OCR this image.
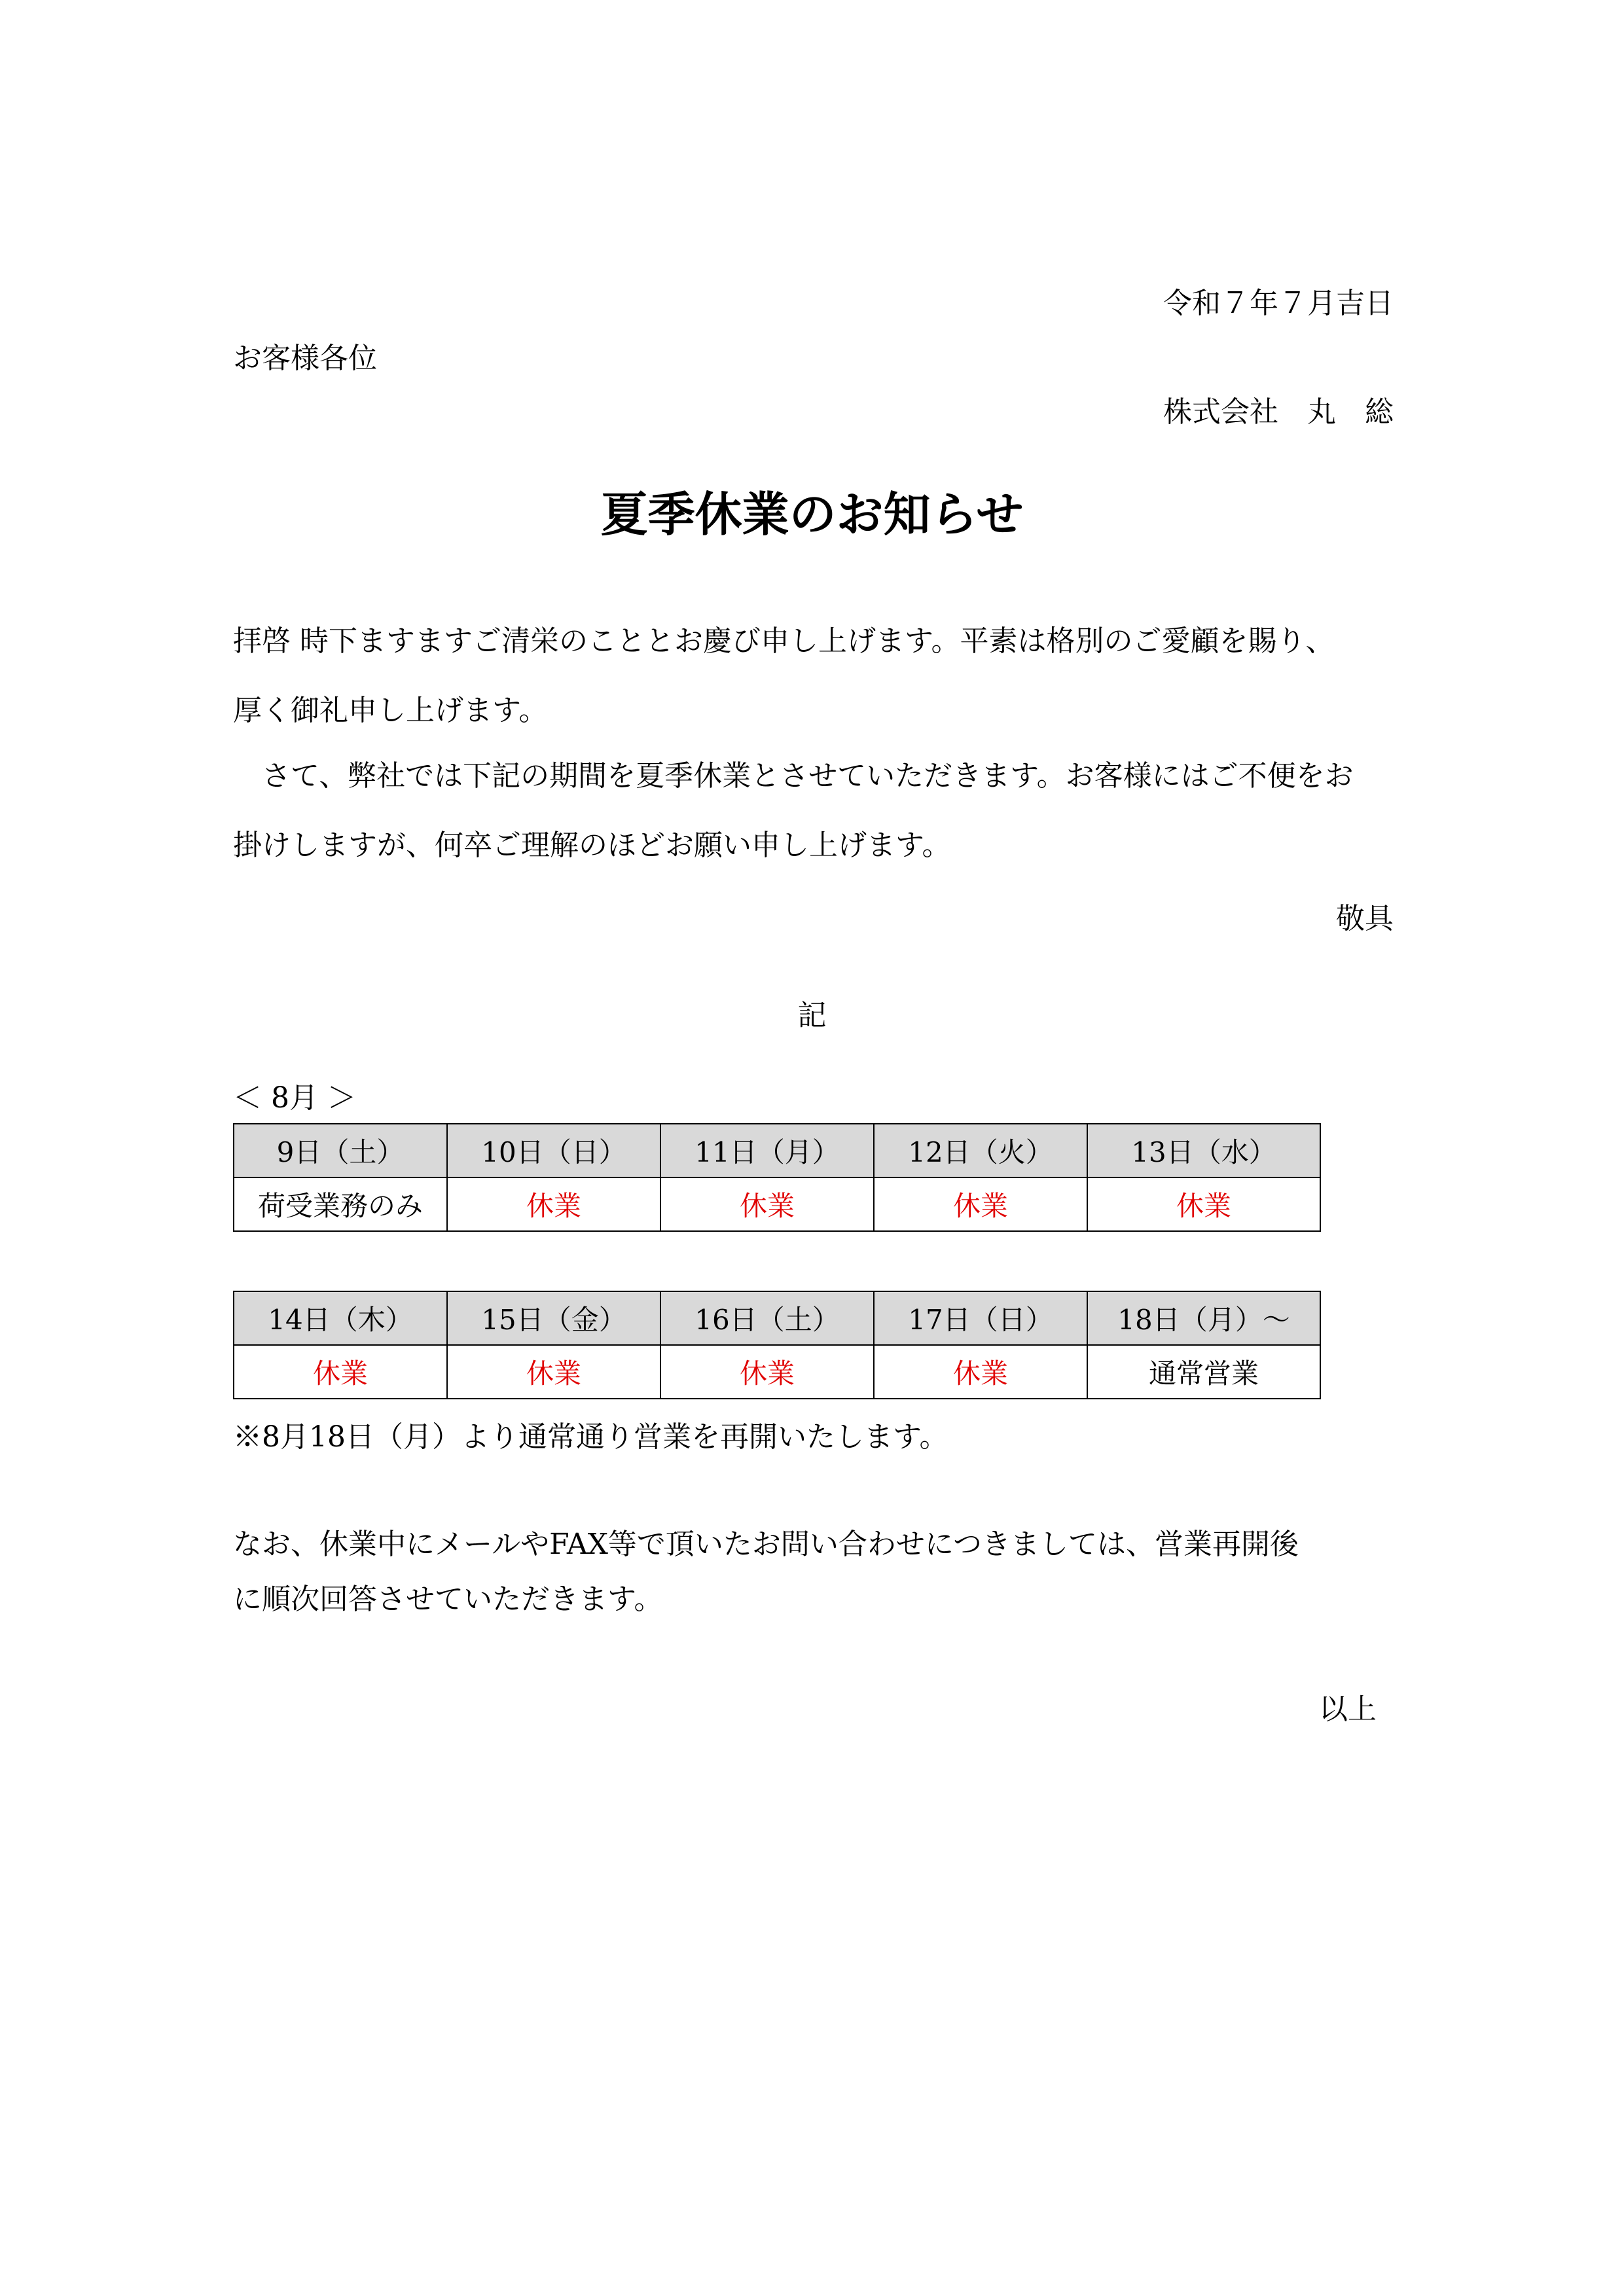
令和７年７月吉日
お客様各位
株式会社　丸　総
夏季休業のお知らせ
拝啓 時下ますますご清栄のこととお慶び申し上げます。平素は格別のご愛顧を賜り、
厚く御礼申し上げます。
　さて、弊社では下記の期間を夏季休業とさせていただきます。お客様にはご不便をお
掛けしますが、何卒ご理解のほどお願い申し上げます。
敬具
記
＜ 8月 ＞
9日（土）	10日（日）	11日（月）	12日（火）	13日（水）
荷受業務のみ	休業	休業	休業	休業
14日（木）	15日（金）	16日（土）	17日（日）	18日（月）～
休業	休業	休業	休業	通常営業
※8月18日（月）より通常通り営業を再開いたします。
なお、休業中にメールやFAX等で頂いたお問い合わせにつきましては、営業再開後
に順次回答させていただきます。
以上
